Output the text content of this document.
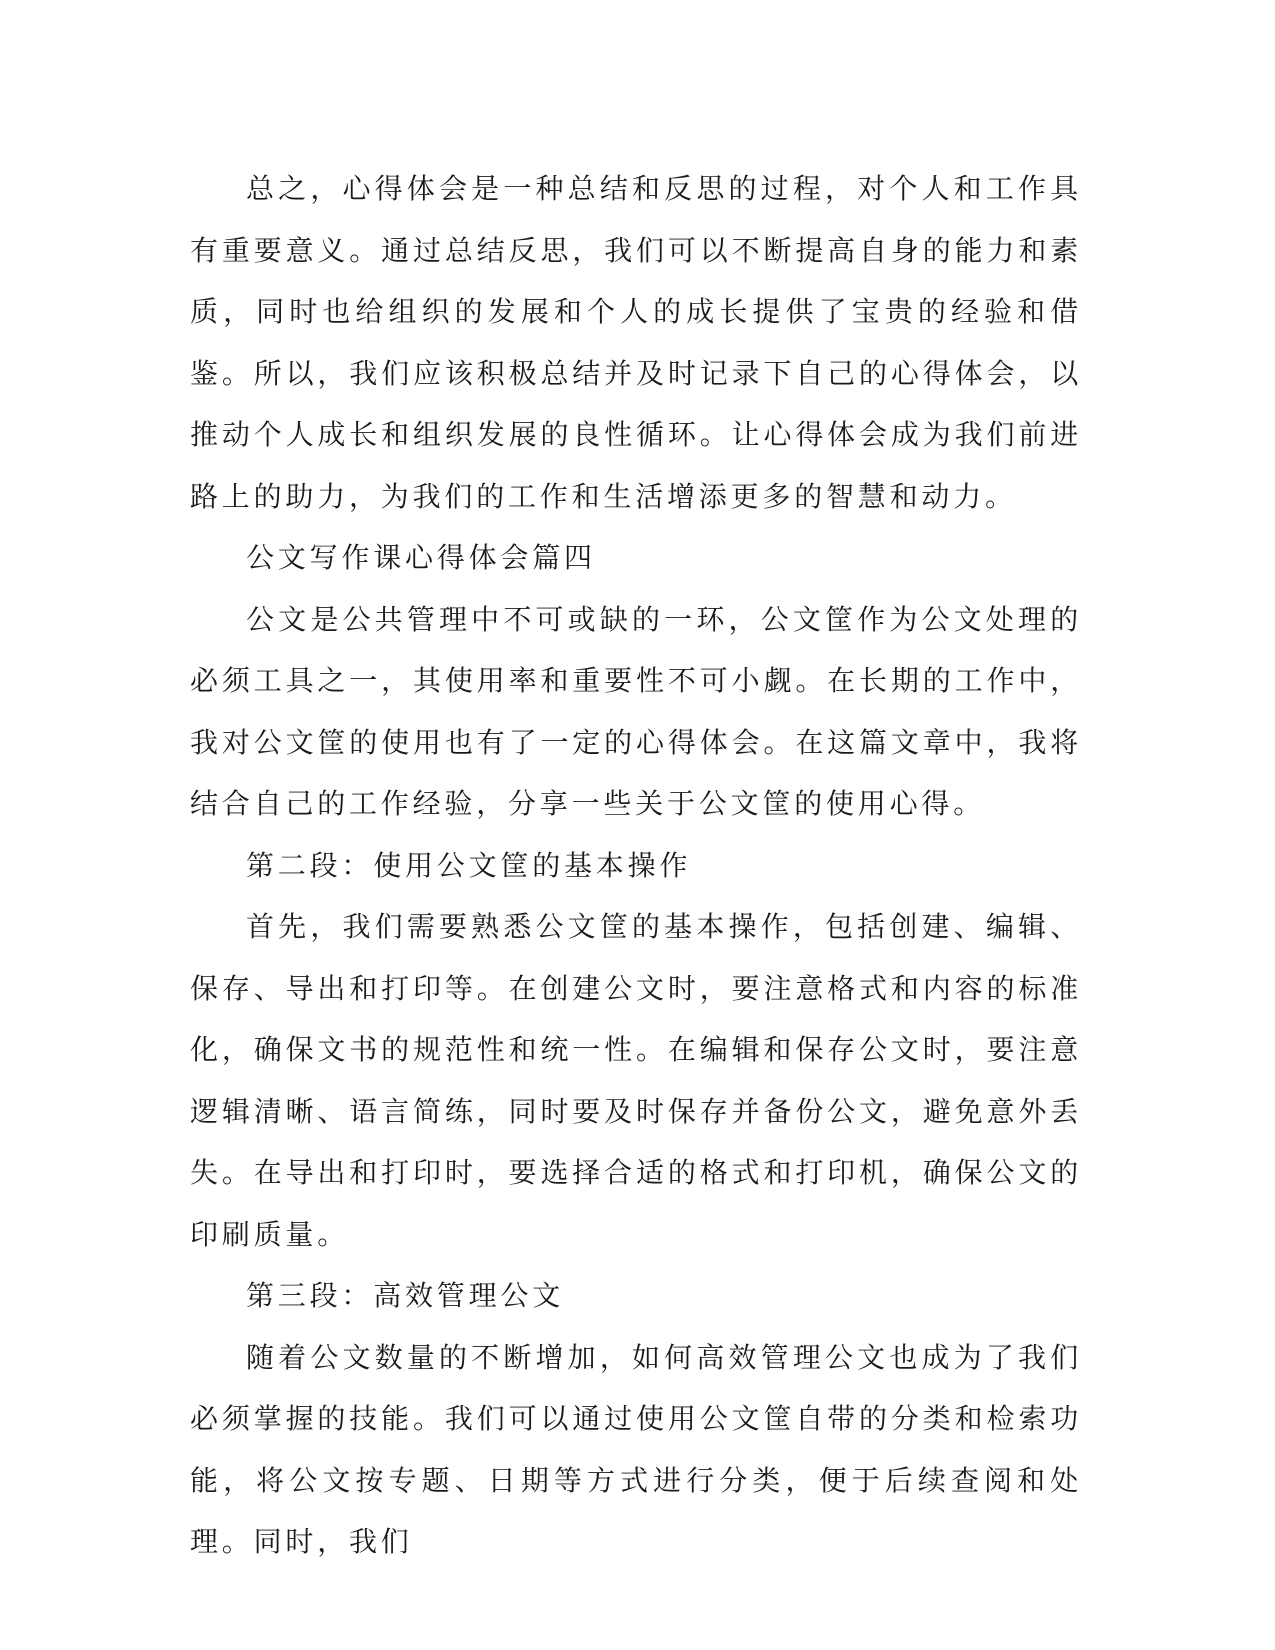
总之，心得体会是一种总结和反思的过程，对个人和工作具有重要意义。通过总结反思，我们可以不断提高自身的能力和素质，同时也给组织的发展和个人的成长提供了宝贵的经验和借鉴。所以，我们应该积极总结并及时记录下自己的心得体会，以推动个人成长和组织发展的良性循环。让心得体会成为我们前进路上的助力，为我们的工作和生活增添更多的智慧和动力。

公文写作课心得体会篇四

公文是公共管理中不可或缺的一环，公文筐作为公文处理的必须工具之一，其使用率和重要性不可小觑。在长期的工作中，我对公文筐的使用也有了一定的心得体会。在这篇文章中，我将结合自己的工作经验，分享一些关于公文筐的使用心得。

第二段：使用公文筐的基本操作

首先，我们需要熟悉公文筐的基本操作，包括创建、编辑、保存、导出和打印等。在创建公文时，要注意格式和内容的标准化，确保文书的规范性和统一性。在编辑和保存公文时，要注意逻辑清晰、语言简练，同时要及时保存并备份公文，避免意外丢失。在导出和打印时，要选择合适的格式和打印机，确保公文的印刷质量。

第三段：高效管理公文

随着公文数量的不断增加，如何高效管理公文也成为了我们必须掌握的技能。我们可以通过使用公文筐自带的分类和检索功能，将公文按专题、日期等方式进行分类，便于后续查阅和处理。同时，我们
